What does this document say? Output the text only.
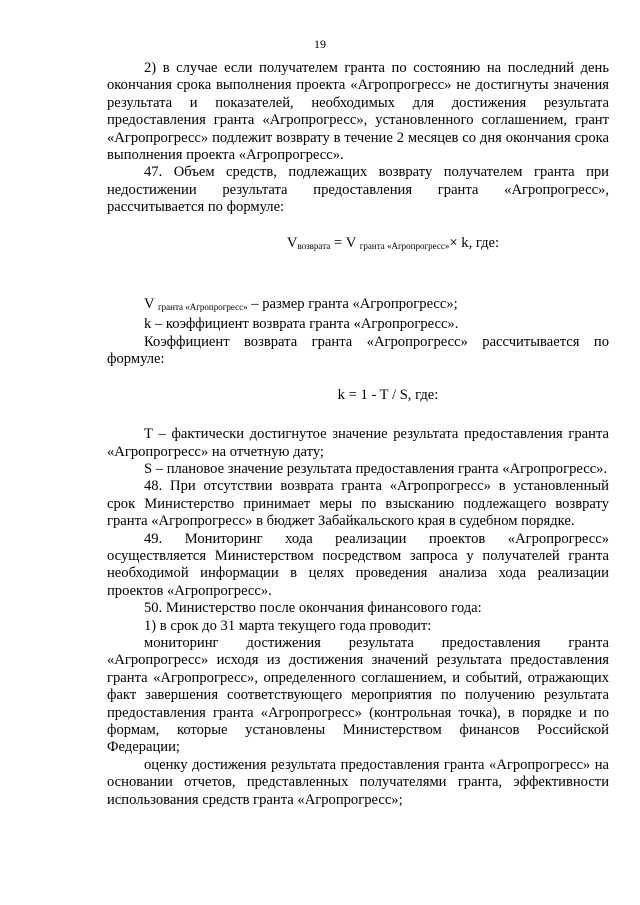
19

2) в случае если получателем гранта по состоянию на последний день окончания срока выполнения проекта «Агропрогресс» не достигнуты значения результата и показателей, необходимых для достижения результата предоставления гранта «Агропрогресс», установленного соглашением, грант «Агропрогресс» подлежит возврату в течение 2 месяцев со дня окончания срока выполнения проекта «Агропрогресс».

47. Объем средств, подлежащих возврату получателем гранта при недостижении результата предоставления гранта «Агропрогресс», рассчитывается по формуле:

$V_{возврата} = V$ $_{гранта «Агропрогресс»}$× k, где:

V $_{гранта «Агропрогресс»}$ – размер гранта «Агропрогресс»;

k – коэффициент возврата гранта «Агропрогресс».

Коэффициент возврата гранта «Агропрогресс» рассчитывается по формуле:

k = 1 - T / S, где:

Т – фактически достигнутое значение результата предоставления гранта «Агропрогресс» на отчетную дату;

S – плановое значение результата предоставления гранта «Агропрогресс».

48. При отсутствии возврата гранта «Агропрогресс» в установленный срок Министерство принимает меры по взысканию подлежащего возврату гранта «Агропрогресс» в бюджет Забайкальского края в судебном порядке.

49. Мониторинг хода реализации проектов «Агропрогресс» осуществляется Министерством посредством запроса у получателей гранта необходимой информации в целях проведения анализа хода реализации проектов «Агропрогресс».

50. Министерство после окончания финансового года:

1) в срок до 31 марта текущего года проводит:

мониторинг достижения результата предоставления гранта «Агропрогресс» исходя из достижения значений результата предоставления гранта «Агропрогресс», определенного соглашением, и событий, отражающих факт завершения соответствующего мероприятия по получению результата предоставления гранта «Агропрогресс» (контрольная точка), в порядке и по формам, которые установлены Министерством финансов Российской Федерации;

оценку достижения результата предоставления гранта «Агропрогресс» на основании отчетов, представленных получателями гранта, эффективности использования средств гранта «Агропрогресс»;
